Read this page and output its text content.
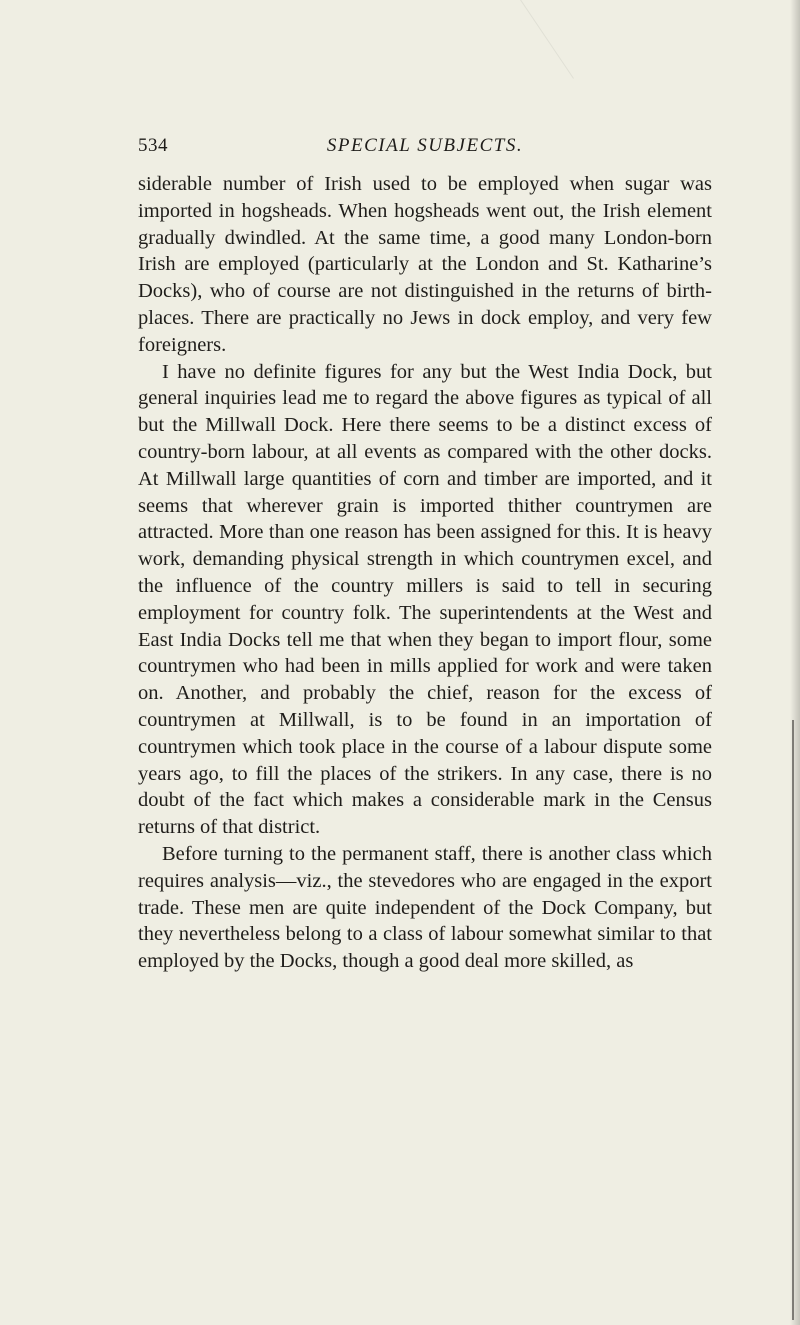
534	SPECIAL SUBJECTS.

siderable number of Irish used to be employed when sugar was imported in hogsheads. When hogsheads went out, the Irish element gradually dwindled. At the same time, a good many London-born Irish are employed (particularly at the London and St. Katharine’s Docks), who of course are not distinguished in the returns of birth-places. There are practically no Jews in dock employ, and very few foreigners.

I have no definite figures for any but the West India Dock, but general inquiries lead me to regard the above figures as typical of all but the Millwall Dock. Here there seems to be a distinct excess of country-born labour, at all events as compared with the other docks. At Millwall large quantities of corn and timber are imported, and it seems that wherever grain is imported thither countrymen are attracted. More than one reason has been assigned for this. It is heavy work, demanding physical strength in which countrymen excel, and the influence of the country millers is said to tell in securing employment for country folk. The superintendents at the West and East India Docks tell me that when they began to import flour, some countrymen who had been in mills applied for work and were taken on. Another, and probably the chief, reason for the excess of countrymen at Millwall, is to be found in an importation of countrymen which took place in the course of a labour dispute some years ago, to fill the places of the strikers. In any case, there is no doubt of the fact which makes a considerable mark in the Census returns of that district.

Before turning to the permanent staff, there is another class which requires analysis—viz., the stevedores who are engaged in the export trade. These men are quite independent of the Dock Company, but they nevertheless belong to a class of labour somewhat similar to that employed by the Docks, though a good deal more skilled, as
